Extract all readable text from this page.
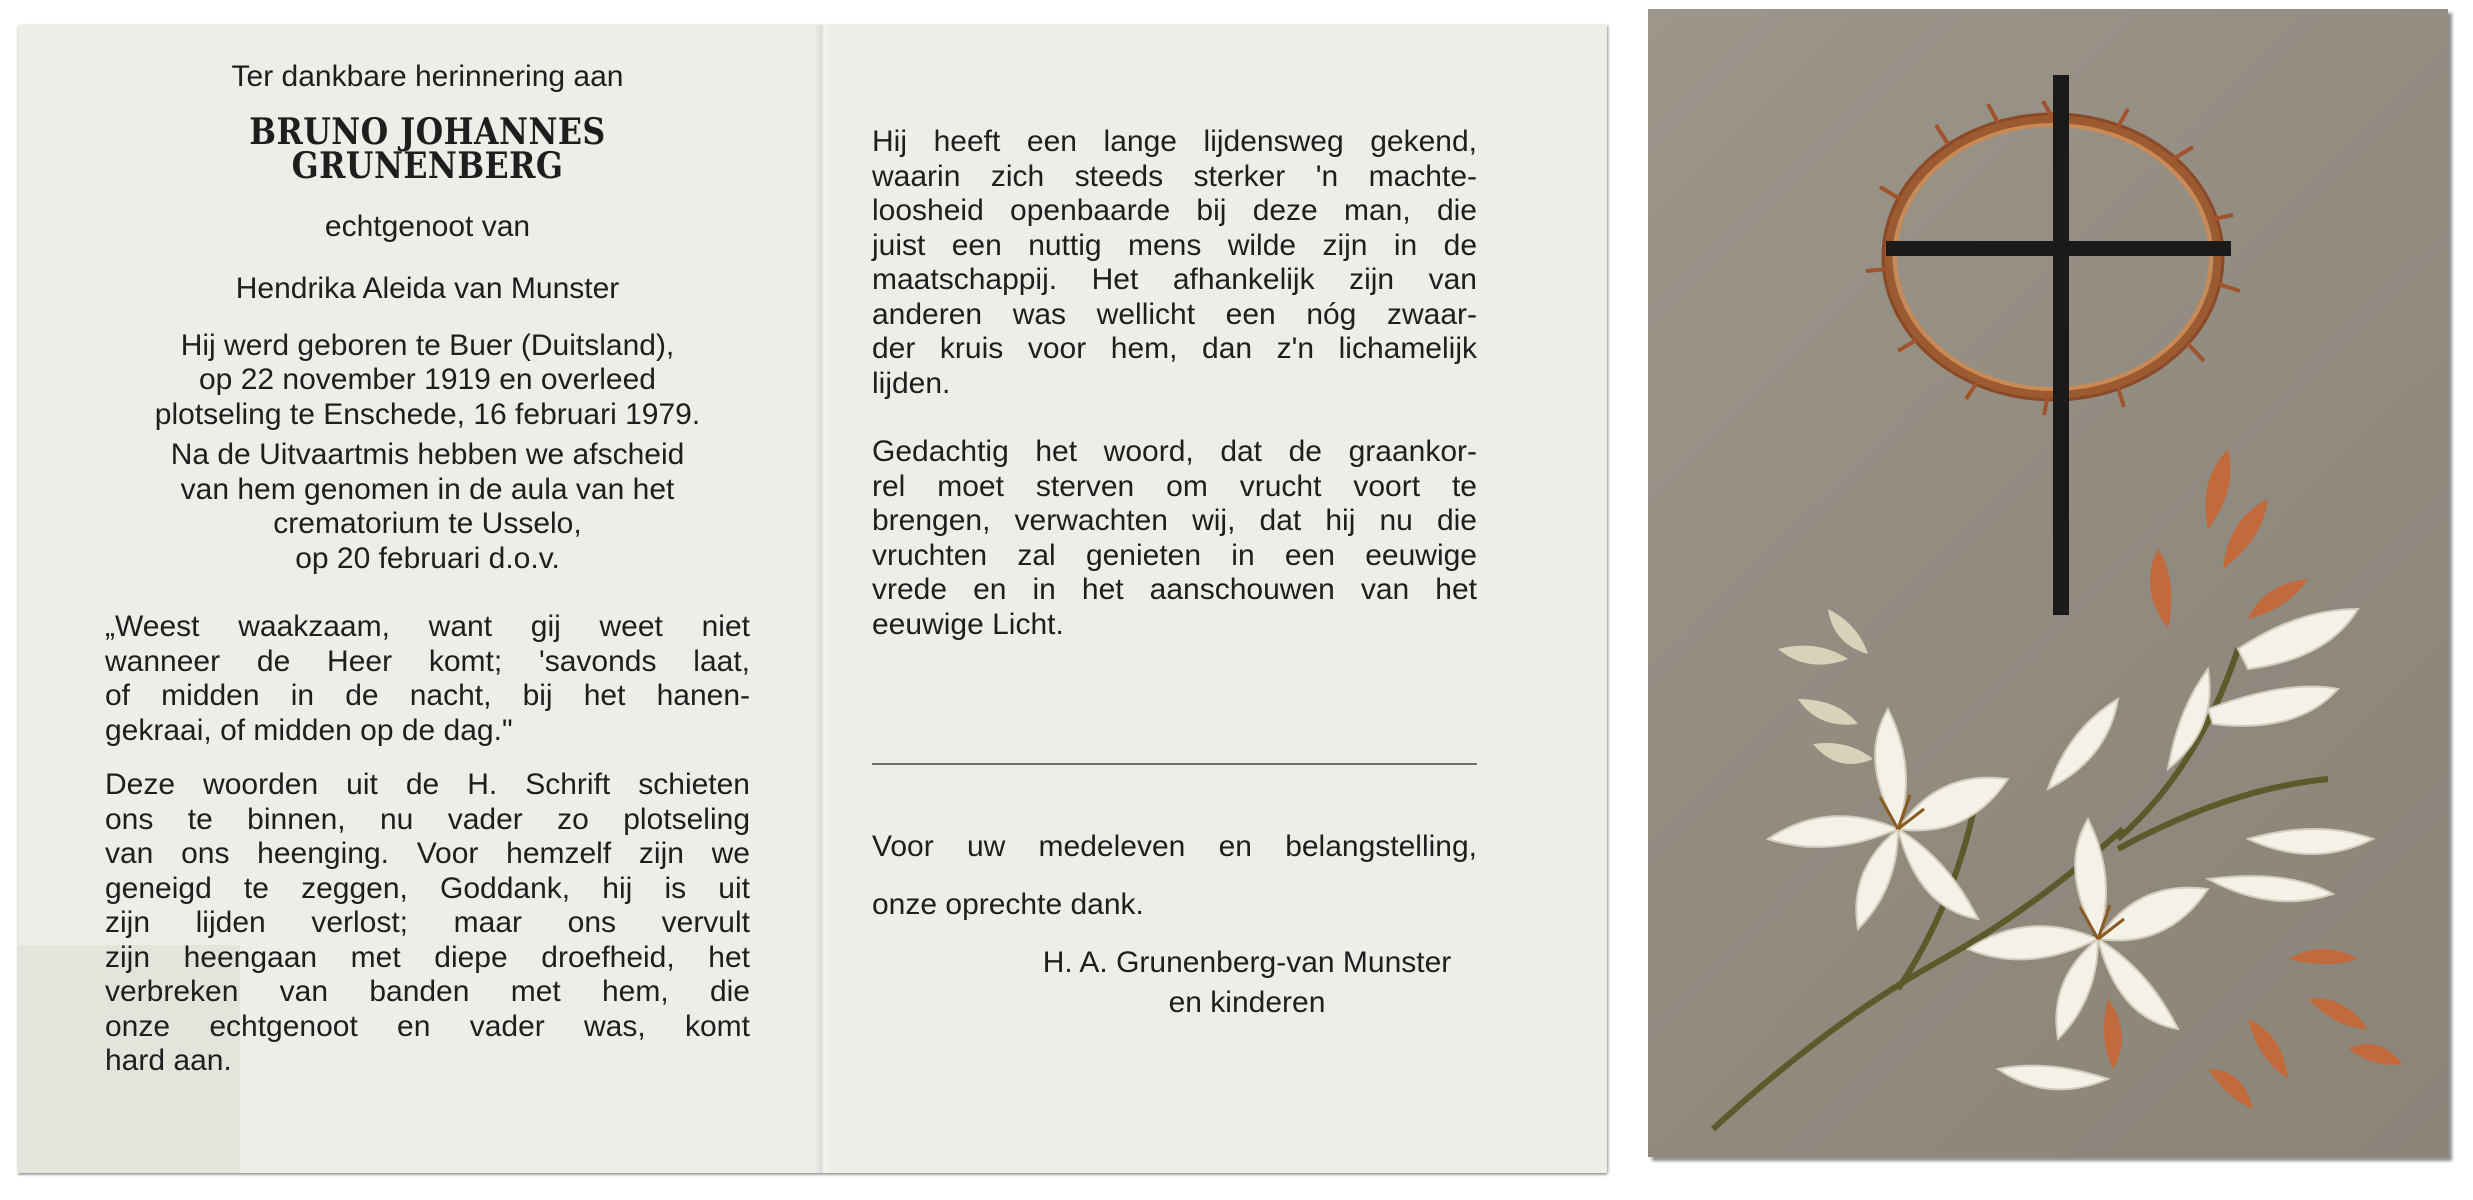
Ter dankbare herinnering aan
BRUNO JOHANNES GRUNENBERG
echtgenoot van
Hendrika Aleida van Munster
Hij werd geboren te Buer (Duitsland),
op 22 november 1919 en overleed
plotseling te Enschede, 16 februari 1979.
Na de Uitvaartmis hebben we afscheid
van hem genomen in de aula van het
crematorium te Usselo,
op 20 februari d.o.v.
„Weest waakzaam, want gij weet niet
wanneer de Heer komt; 'savonds laat,
of midden in de nacht, bij het hanen-
gekraai, of midden op de dag."
Deze woorden uit de H. Schrift schieten
ons te binnen, nu vader zo plotseling
van ons heenging. Voor hemzelf zijn we
geneigd te zeggen, Goddank, hij is uit
zijn lijden verlost; maar ons vervult
zijn heengaan met diepe droefheid, het
verbreken van banden met hem, die
onze echtgenoot en vader was, komt
hard aan.
Hij heeft een lange lijdensweg gekend,
waarin zich steeds sterker 'n machte-
loosheid openbaarde bij deze man, die
juist een nuttig mens wilde zijn in de
maatschappij. Het afhankelijk zijn van
anderen was wellicht een nóg zwaar-
der kruis voor hem, dan z'n lichamelijk
lijden.
Gedachtig het woord, dat de graankor-
rel moet sterven om vrucht voort te
brengen, verwachten wij, dat hij nu die
vruchten zal genieten in een eeuwige
vrede en in het aanschouwen van het
eeuwige Licht.
Voor uw medeleven en belangstelling,
onze oprechte dank.
H. A. Grunenberg-van Munster
en kinderen
